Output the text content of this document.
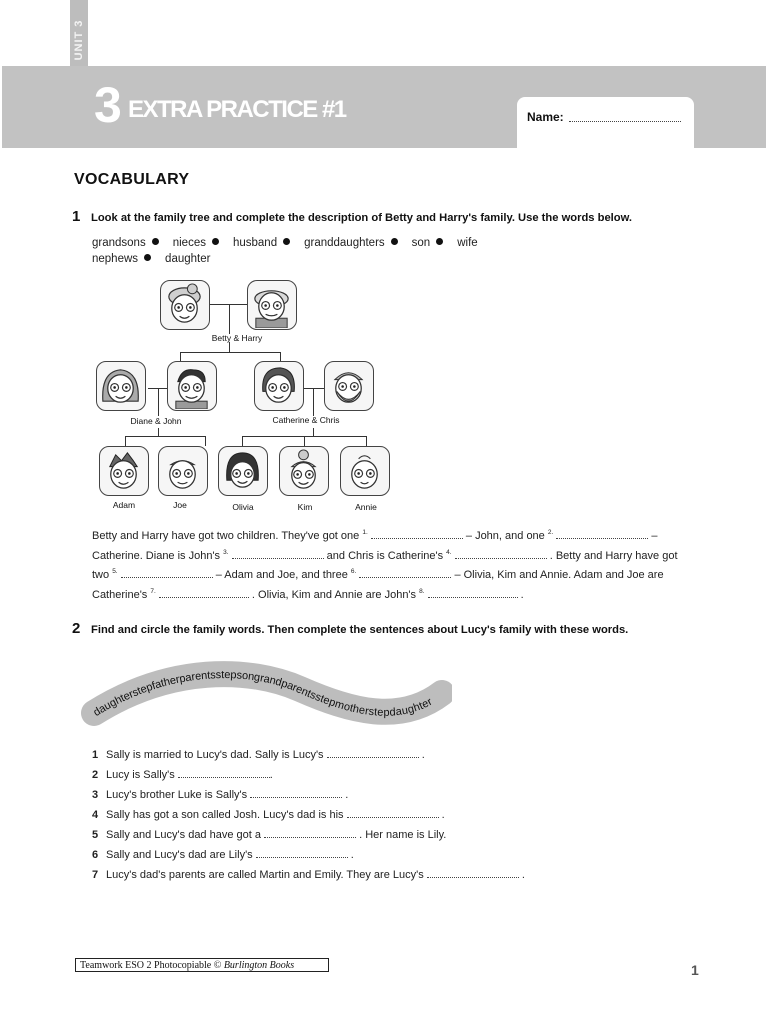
UNIT 3
3 EXTRA PRACTICE #1	Name:
VOCABULARY
1 Look at the family tree and complete the description of Betty and Harry's family. Use the words below.
grandsons nieces husband granddaughters son wife
nephews daughter
Betty & Harry
Diane & John	Catherine & Chris
Adam	Joe	Olivia	Kim	Annie
Betty and Harry have got two children. They've got one $^{1.}$	– John, and one $^{2.}$	– Catherine. Diane is John's $^{3.}$	and Chris is Catherine's $^{4.}$	. Betty and Harry have got two $^{5.}$	– Adam and Joe, and three $^{6.}$	– Olivia, Kim and Annie. Adam and Joe are Catherine's $^{7.}$	. Olivia, Kim and Annie are John's $^{8.}$	.
2 Find and circle the family words. Then complete the sentences about Lucy's family with these words.
daughterstepfatherparentsstepsongrandparentsstepmotherstepdaughter
1 Sally is married to Lucy's dad. Sally is Lucy's	.
2 Lucy is Sally's	.
3 Lucy's brother Luke is Sally's	.
4 Sally has got a son called Josh. Lucy's dad is his	.
5 Sally and Lucy's dad have got a	. Her name is Lily.
6 Sally and Lucy's dad are Lily's	.
7 Lucy's dad's parents are called Martin and Emily. They are Lucy's	.
Teamwork ESO 2 Photocopiable © Burlington Books	1
